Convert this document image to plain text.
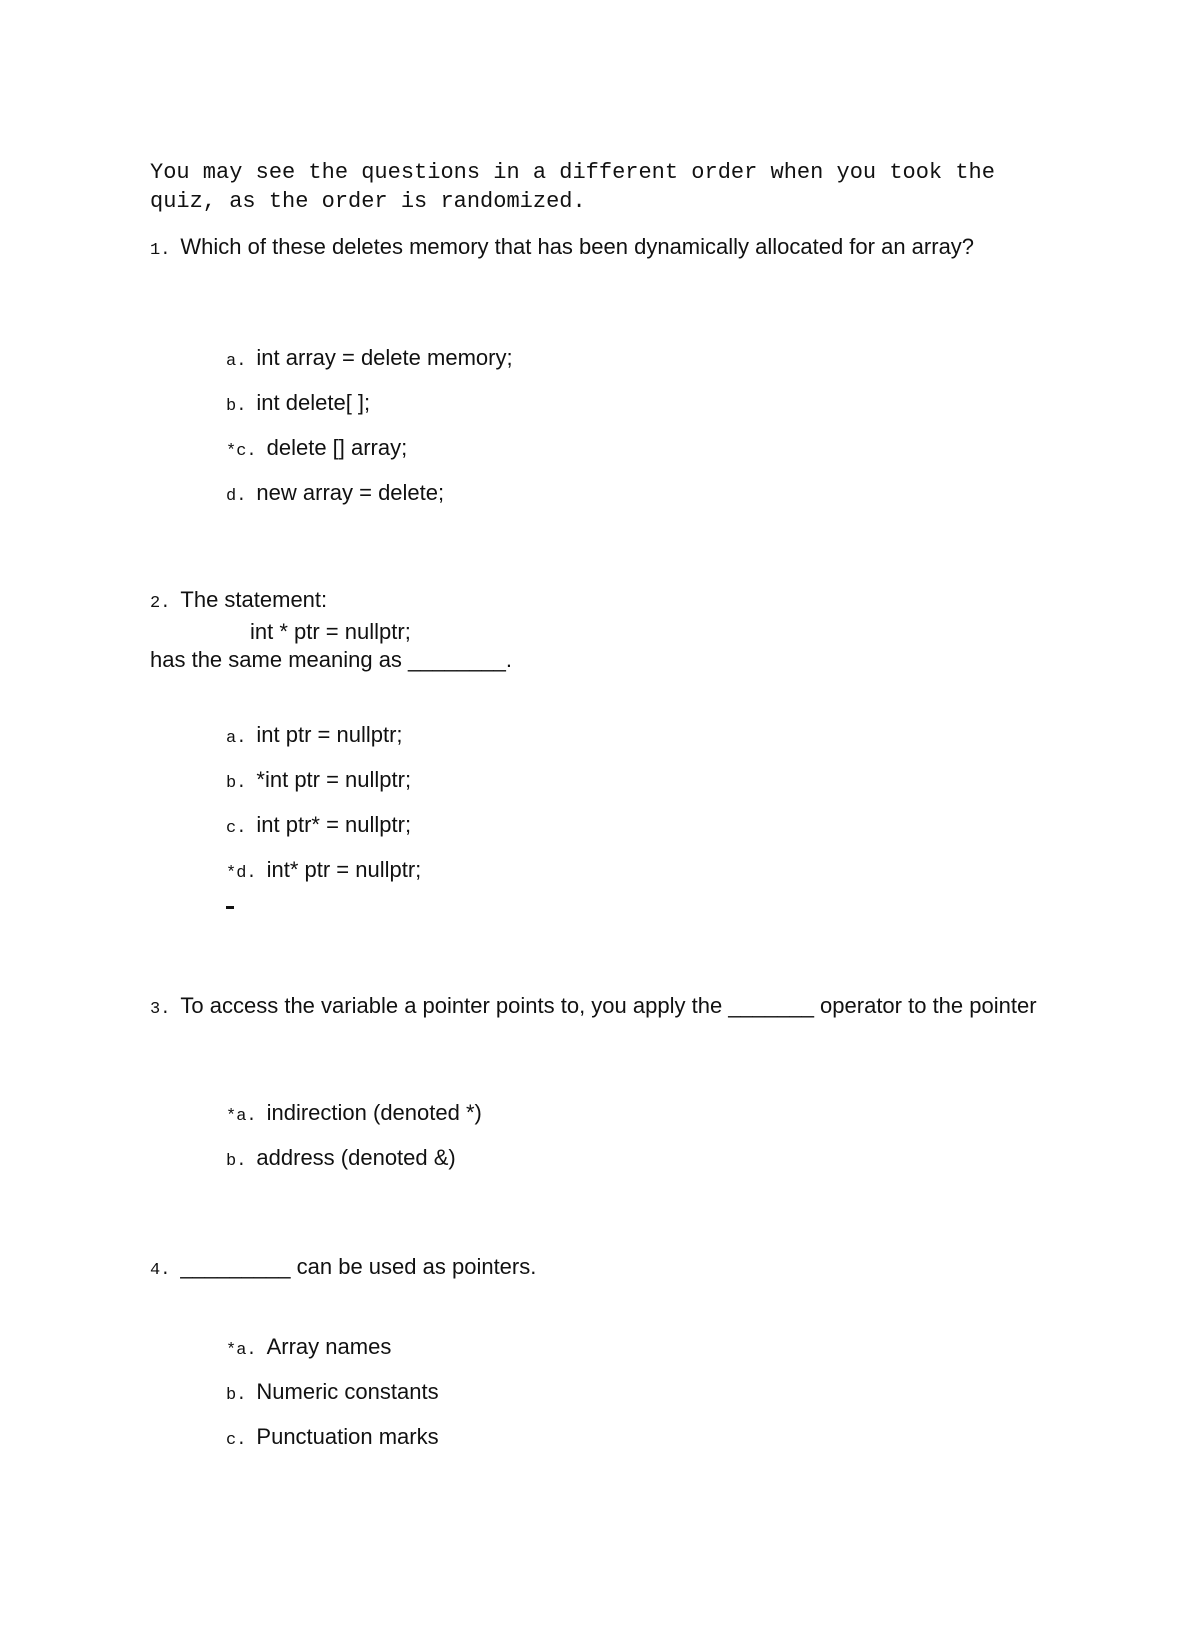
You may see the questions in a different order when you took the quiz, as the order is randomized.

1. Which of these deletes memory that has been dynamically allocated for an array?

a. int array = delete memory;
b. int delete[ ];
*c. delete [] array;
d. new array = delete;

2. The statement:
int * ptr = nullptr;
has the same meaning as ________.

a. int ptr = nullptr;
b. *int ptr = nullptr;
c. int ptr* = nullptr;
*d. int* ptr = nullptr;

3. To access the variable a pointer points to, you apply the _______ operator to the pointer

*a. indirection (denoted *)
b. address (denoted &)

4. _________ can be used as pointers.

*a. Array names
b. Numeric constants
c. Punctuation marks
